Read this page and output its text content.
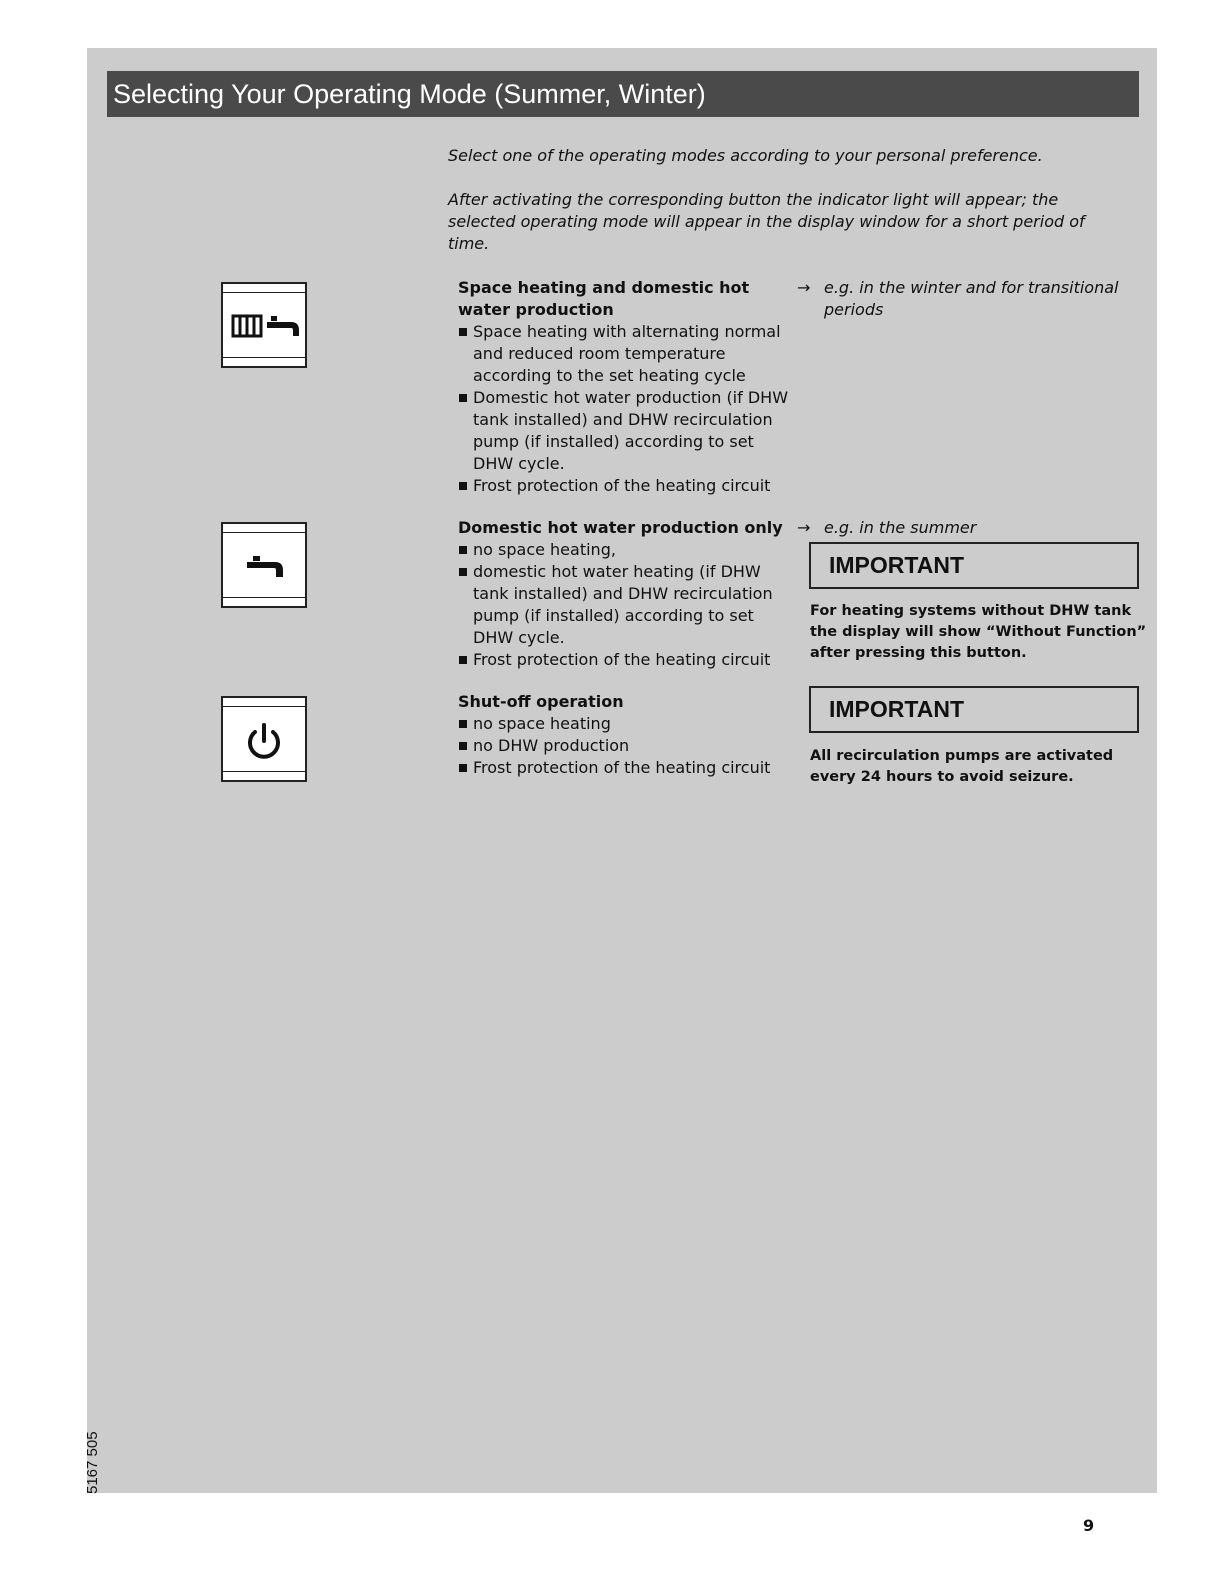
Selecting Your Operating Mode (Summer, Winter)

Select one of the operating modes according to your personal preference.

After activating the corresponding button the indicator light will appear; the selected operating mode will appear in the display window for a short period of time.

Space heating and domestic hot water production
Space heating with alternating normal and reduced room temperature according to the set heating cycle
Domestic hot water production (if DHW tank installed) and DHW recirculation pump (if installed) according to set DHW cycle.
Frost protection of the heating circuit
→ e.g. in the winter and for transitional periods
Domestic hot water production only
no space heating,
domestic hot water heating (if DHW tank installed) and DHW recirculation pump (if installed) according to set DHW cycle.
Frost protection of the heating circuit
→ e.g. in the summer
IMPORTANT
For heating systems without DHW tank the display will show “Without Function” after pressing this button.
Shut-off operation
no space heating
no DHW production
Frost protection of the heating circuit
IMPORTANT
All recirculation pumps are activated every 24 hours to avoid seizure.
5167 505
9
